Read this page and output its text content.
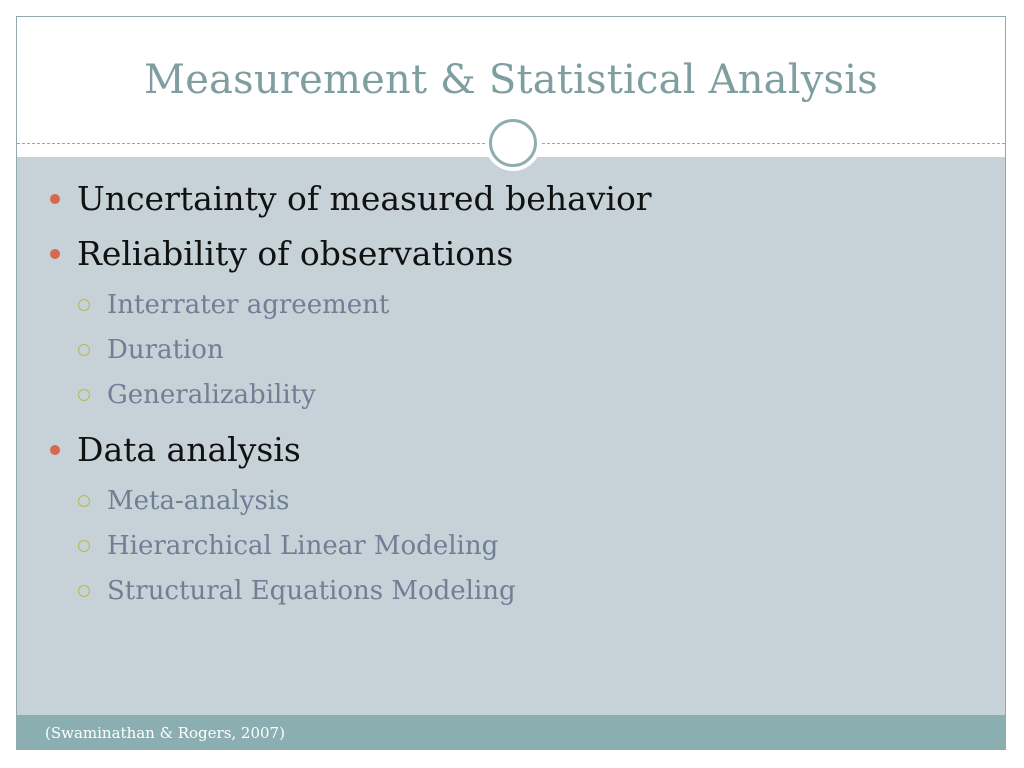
Measurement & Statistical Analysis
Uncertainty of measured behavior
Reliability of observations
Interrater agreement
Duration
Generalizability
Data analysis
Meta-analysis
Hierarchical Linear Modeling
Structural Equations Modeling
(Swaminathan & Rogers, 2007)
